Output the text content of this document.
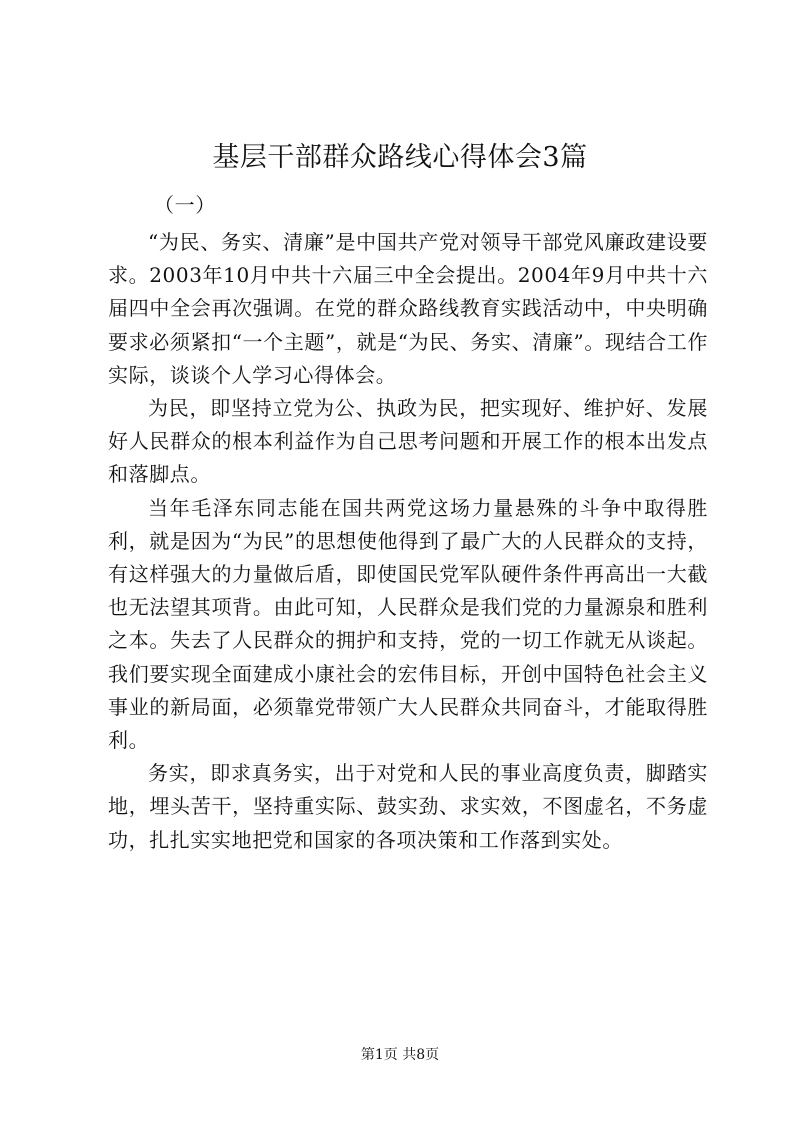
基层干部群众路线心得体会3篇

（一）

“为民、务实、清廉”是中国共产党对领导干部党风廉政建设要求。2003年10月中共十六届三中全会提出。2004年9月中共十六届四中全会再次强调。在党的群众路线教育实践活动中，中央明确要求必须紧扣“一个主题”，就是“为民、务实、清廉”。现结合工作实际，谈谈个人学习心得体会。

为民，即坚持立党为公、执政为民，把实现好、维护好、发展好人民群众的根本利益作为自己思考问题和开展工作的根本出发点和落脚点。

当年毛泽东同志能在国共两党这场力量悬殊的斗争中取得胜利，就是因为“为民”的思想使他得到了最广大的人民群众的支持，有这样强大的力量做后盾，即使国民党军队硬件条件再高出一大截也无法望其项背。由此可知，人民群众是我们党的力量源泉和胜利之本。失去了人民群众的拥护和支持，党的一切工作就无从谈起。我们要实现全面建成小康社会的宏伟目标，开创中国特色社会主义事业的新局面，必须靠党带领广大人民群众共同奋斗，才能取得胜利。

务实，即求真务实，出于对党和人民的事业高度负责，脚踏实地，埋头苦干，坚持重实际、鼓实劲、求实效，不图虚名，不务虚功，扎扎实实地把党和国家的各项决策和工作落到实处。

第1页 共8页
